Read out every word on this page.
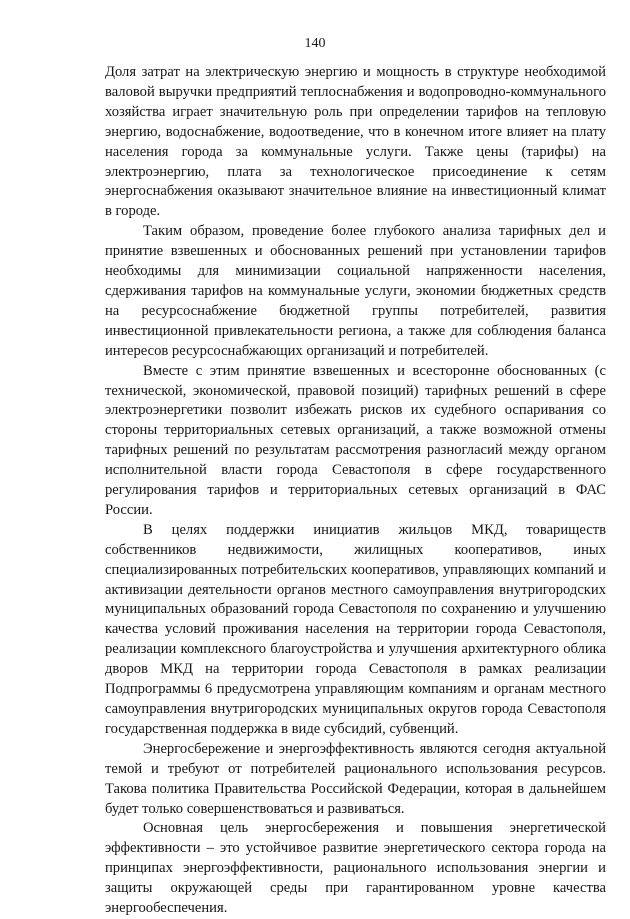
140

Доля затрат на электрическую энергию и мощность в структуре необходимой валовой выручки предприятий теплоснабжения и водопроводно-коммунального хозяйства играет значительную роль при определении тарифов на тепловую энергию, водоснабжение, водоотведение, что в конечном итоге влияет на плату населения города за коммунальные услуги. Также цены (тарифы) на электроэнергию, плата за технологическое присоединение к сетям энергоснабжения оказывают значительное влияние на инвестиционный климат в городе.

Таким образом, проведение более глубокого анализа тарифных дел и принятие взвешенных и обоснованных решений при установлении тарифов необходимы для минимизации социальной напряженности населения, сдерживания тарифов на коммунальные услуги, экономии бюджетных средств на ресурсоснабжение бюджетной группы потребителей, развития инвестиционной привлекательности региона, а также для соблюдения баланса интересов ресурсоснабжающих организаций и потребителей.

Вместе с этим принятие взвешенных и всесторонне обоснованных (с технической, экономической, правовой позиций) тарифных решений в сфере электроэнергетики позволит избежать рисков их судебного оспаривания со стороны территориальных сетевых организаций, а также возможной отмены тарифных решений по результатам рассмотрения разногласий между органом исполнительной власти города Севастополя в сфере государственного регулирования тарифов и территориальных сетевых организаций в ФАС России.

В целях поддержки инициатив жильцов МКД, товариществ собственников недвижимости, жилищных кооперативов, иных специализированных потребительских кооперативов, управляющих компаний и активизации деятельности органов местного самоуправления внутригородских муниципальных образований города Севастополя по сохранению и улучшению качества условий проживания населения на территории города Севастополя, реализации комплексного благоустройства и улучшения архитектурного облика дворов МКД на территории города Севастополя в рамках реализации Подпрограммы 6 предусмотрена управляющим компаниям и органам местного самоуправления внутригородских муниципальных округов города Севастополя государственная поддержка в виде субсидий, субвенций.

Энергосбережение и энергоэффективность являются сегодня актуальной темой и требуют от потребителей рационального использования ресурсов. Такова политика Правительства Российской Федерации, которая в дальнейшем будет только совершенствоваться и развиваться.

Основная цель энергосбережения и повышения энергетической эффективности – это устойчивое развитие энергетического сектора города на принципах энергоэффективности, рационального использования энергии и защиты окружающей среды при гарантированном уровне качества энергообеспечения.
